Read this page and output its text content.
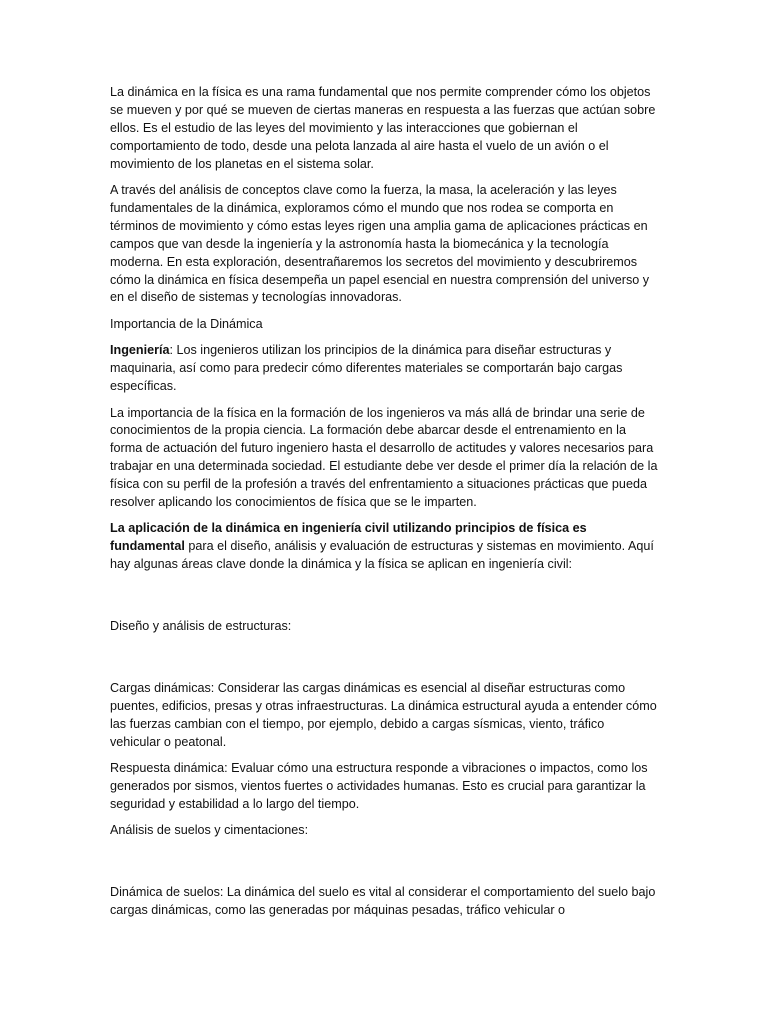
La dinámica en la física es una rama fundamental que nos permite comprender cómo los objetos se mueven y por qué se mueven de ciertas maneras en respuesta a las fuerzas que actúan sobre ellos. Es el estudio de las leyes del movimiento y las interacciones que gobiernan el comportamiento de todo, desde una pelota lanzada al aire hasta el vuelo de un avión o el movimiento de los planetas en el sistema solar.

A través del análisis de conceptos clave como la fuerza, la masa, la aceleración y las leyes fundamentales de la dinámica, exploramos cómo el mundo que nos rodea se comporta en términos de movimiento y cómo estas leyes rigen una amplia gama de aplicaciones prácticas en campos que van desde la ingeniería y la astronomía hasta la biomecánica y la tecnología moderna. En esta exploración, desentrañaremos los secretos del movimiento y descubriremos cómo la dinámica en física desempeña un papel esencial en nuestra comprensión del universo y en el diseño de sistemas y tecnologías innovadoras.

Importancia de la Dinámica

Ingeniería: Los ingenieros utilizan los principios de la dinámica para diseñar estructuras y maquinaria, así como para predecir cómo diferentes materiales se comportarán bajo cargas específicas.

La importancia de la física en la formación de los ingenieros va más allá de brindar una serie de conocimientos de la propia ciencia. La formación debe abarcar desde el entrenamiento en la forma de actuación del futuro ingeniero hasta el desarrollo de actitudes y valores necesarios para trabajar en una determinada sociedad. El estudiante debe ver desde el primer día la relación de la física con su perfil de la profesión a través del enfrentamiento a situaciones prácticas que pueda resolver aplicando los conocimientos de física que se le imparten.

La aplicación de la dinámica en ingeniería civil utilizando principios de física es fundamental para el diseño, análisis y evaluación de estructuras y sistemas en movimiento. Aquí hay algunas áreas clave donde la dinámica y la física se aplican en ingeniería civil:

Diseño y análisis de estructuras:

Cargas dinámicas: Considerar las cargas dinámicas es esencial al diseñar estructuras como puentes, edificios, presas y otras infraestructuras. La dinámica estructural ayuda a entender cómo las fuerzas cambian con el tiempo, por ejemplo, debido a cargas sísmicas, viento, tráfico vehicular o peatonal.

Respuesta dinámica: Evaluar cómo una estructura responde a vibraciones o impactos, como los generados por sismos, vientos fuertes o actividades humanas. Esto es crucial para garantizar la seguridad y estabilidad a lo largo del tiempo.

Análisis de suelos y cimentaciones:

Dinámica de suelos: La dinámica del suelo es vital al considerar el comportamiento del suelo bajo cargas dinámicas, como las generadas por máquinas pesadas, tráfico vehicular o
